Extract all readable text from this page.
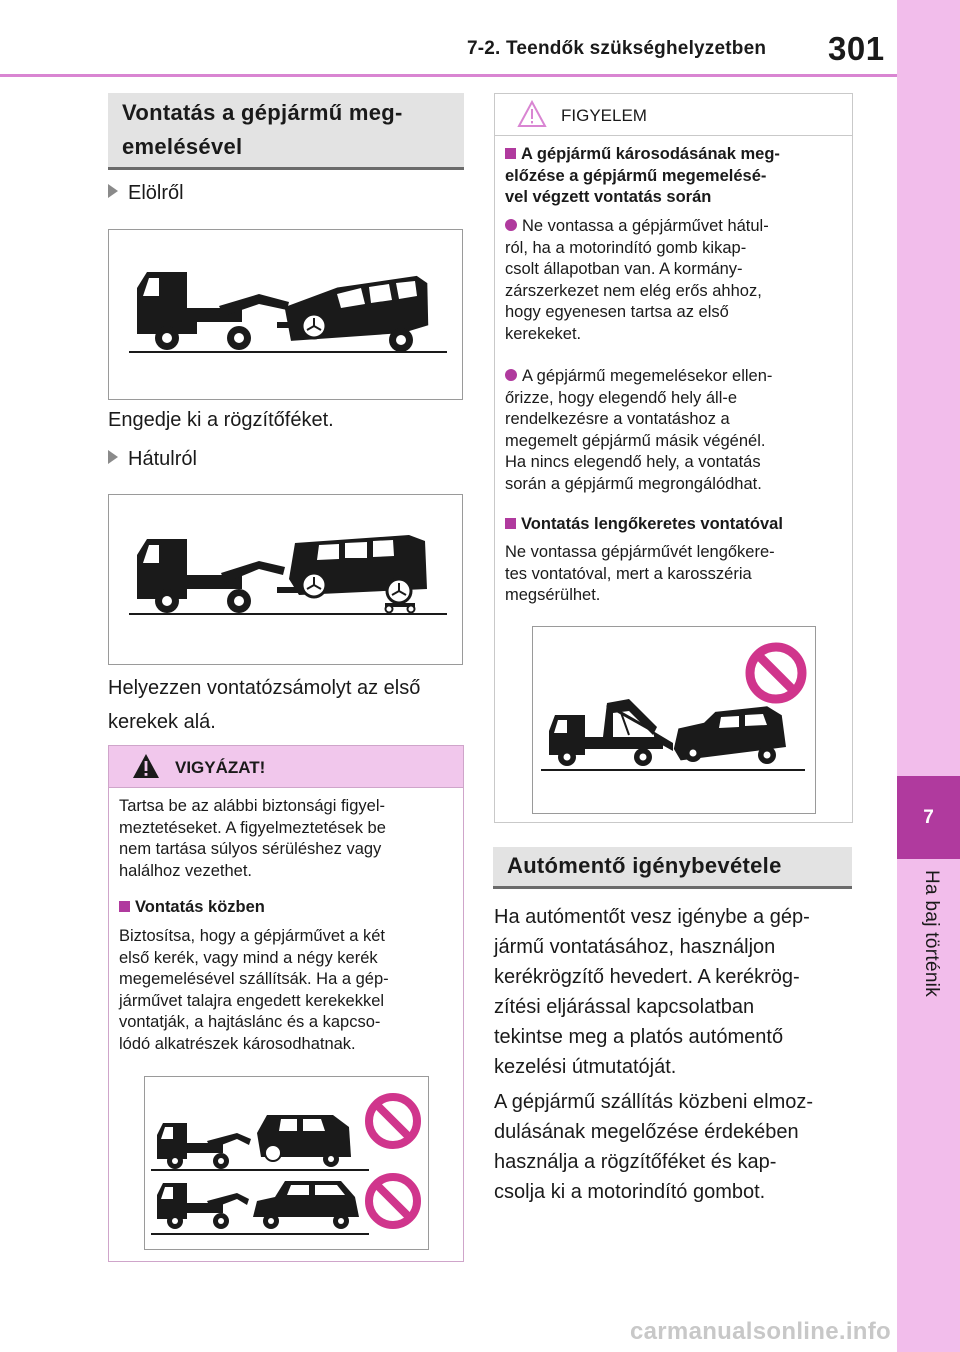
7-2. Teendők szükséghelyzetben 301
7
Ha baj történik
Vontatás a gépjármű meg-
emelésével
Elölről
Engedje ki a rögzítőféket.
Hátulról
Helyezzen vontatózsámolyt az első
kerekek alá.
VIGYÁZAT!
Tartsa be az alábbi biztonsági figyel-
meztetéseket. A figyelmeztetések be
nem tartása súlyos sérüléshez vagy
halálhoz vezethet.
Vontatás közben
Biztosítsa, hogy a gépjárművet a két
első kerék, vagy mind a négy kerék
megemelésével szállítsák. Ha a gép-
járművet talajra engedett kerekekkel
vontatják, a hajtáslánc és a kapcso-
lódó alkatrészek károsodhatnak.
FIGYELEM
A gépjármű károsodásának meg-
előzése a gépjármű megemelésé-
vel végzett vontatás során
Ne vontassa a gépjárművet hátul-
ról, ha a motorindító gomb kikap-
csolt állapotban van. A kormány-
zárszerkezet nem elég erős ahhoz,
hogy egyenesen tartsa az első
kerekeket.
A gépjármű megemelésekor ellen-
őrizze, hogy elegendő hely áll-e
rendelkezésre a vontatáshoz a
megemelt gépjármű másik végénél.
Ha nincs elegendő hely, a vontatás
során a gépjármű megrongálódhat.
Vontatás lengőkeretes vontatóval
Ne vontassa gépjárművét lengőkere-
tes vontatóval, mert a karosszéria
megsérülhet.
Autómentő igénybevétele
Ha autómentőt vesz igénybe a gép-
jármű vontatásához, használjon
kerékrögzítő hevedert. A kerékrög-
zítési eljárással kapcsolatban
tekintse meg a platós autómentő
kezelési útmutatóját.
A gépjármű szállítás közbeni elmoz-
dulásának megelőzése érdekében
használja a rögzítőféket és kap-
csolja ki a motorindító gombot.
carmanualsonline.info
